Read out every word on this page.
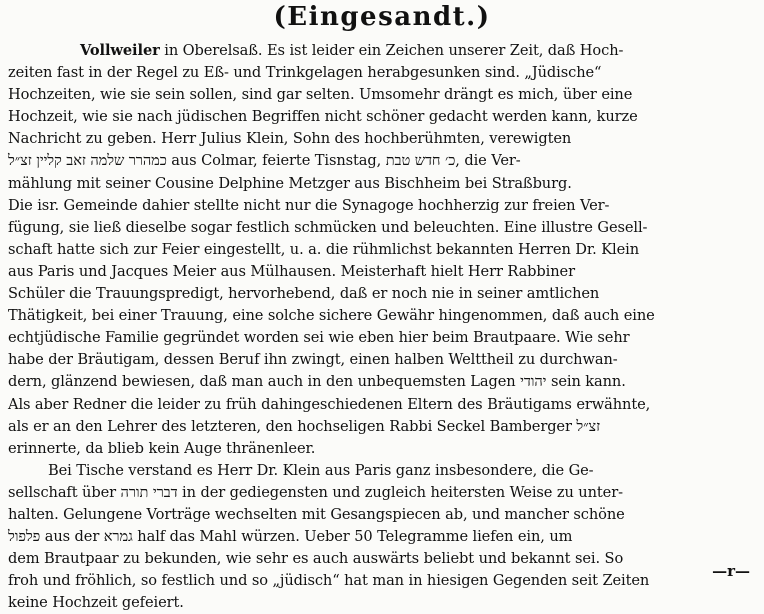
(Eingesandt.)
Vollweiler in Oberelsaß. Es ist leider ein Zeichen unserer Zeit, daß Hoch-
zeiten fast in der Regel zu Eß- und Trinkgelagen herabgesunken sind. „Jüdische“
Hochzeiten, wie sie sein sollen, sind gar selten. Umsomehr drängt es mich, über eine
Hochzeit, wie sie nach jüdischen Begriffen nicht schöner gedacht werden kann, kurze
Nachricht zu geben. Herr Julius Klein, Sohn des hochberühmten, verewigten
כמהרר שלמה זאב קליין זצ״ל aus Colmar, feierte Tisnstag, כ׳ חדש טבת, die Ver-
mählung mit seiner Cousine Delphine Metzger aus Bischheim bei Straßburg.
Die isr. Gemeinde dahier stellte nicht nur die Synagoge hochherzig zur freien Ver-
fügung, sie ließ dieselbe sogar festlich schmücken und beleuchten. Eine illustre Gesell-
schaft hatte sich zur Feier eingestellt, u. a. die rühmlichst bekannten Herren Dr. Klein
aus Paris und Jacques Meier aus Mülhausen. Meisterhaft hielt Herr Rabbiner
Schüler die Trauungspredigt, hervorhebend, daß er noch nie in seiner amtlichen
Thätigkeit, bei einer Trauung, eine solche sichere Gewähr hingenommen, daß auch eine
echtjüdische Familie gegründet worden sei wie eben hier beim Brautpaare. Wie sehr
habe der Bräutigam, dessen Beruf ihn zwingt, einen halben Welttheil zu durchwan-
dern, glänzend bewiesen, daß man auch in den unbequemsten Lagen יהודי sein kann.
Als aber Redner die leider zu früh dahingeschiedenen Eltern des Bräutigams erwähnte,
als er an den Lehrer des letzteren, den hochseligen Rabbi Seckel Bamberger זצ״ל
erinnerte, da blieb kein Auge thränenleer.
Bei Tische verstand es Herr Dr. Klein aus Paris ganz insbesondere, die Ge-
sellschaft über דברי תורה in der gediegensten und zugleich heitersten Weise zu unter-
halten. Gelungene Vorträge wechselten mit Gesangspiecen ab, und mancher schöne
פלפול aus der גמרא half das Mahl würzen. Ueber 50 Telegramme liefen ein, um
dem Brautpaar zu bekunden, wie sehr es auch auswärts beliebt und bekannt sei. So
froh und fröhlich, so festlich und so „jüdisch“ hat man in hiesigen Gegenden seit Zeiten
keine Hochzeit gefeiert.
—r—
